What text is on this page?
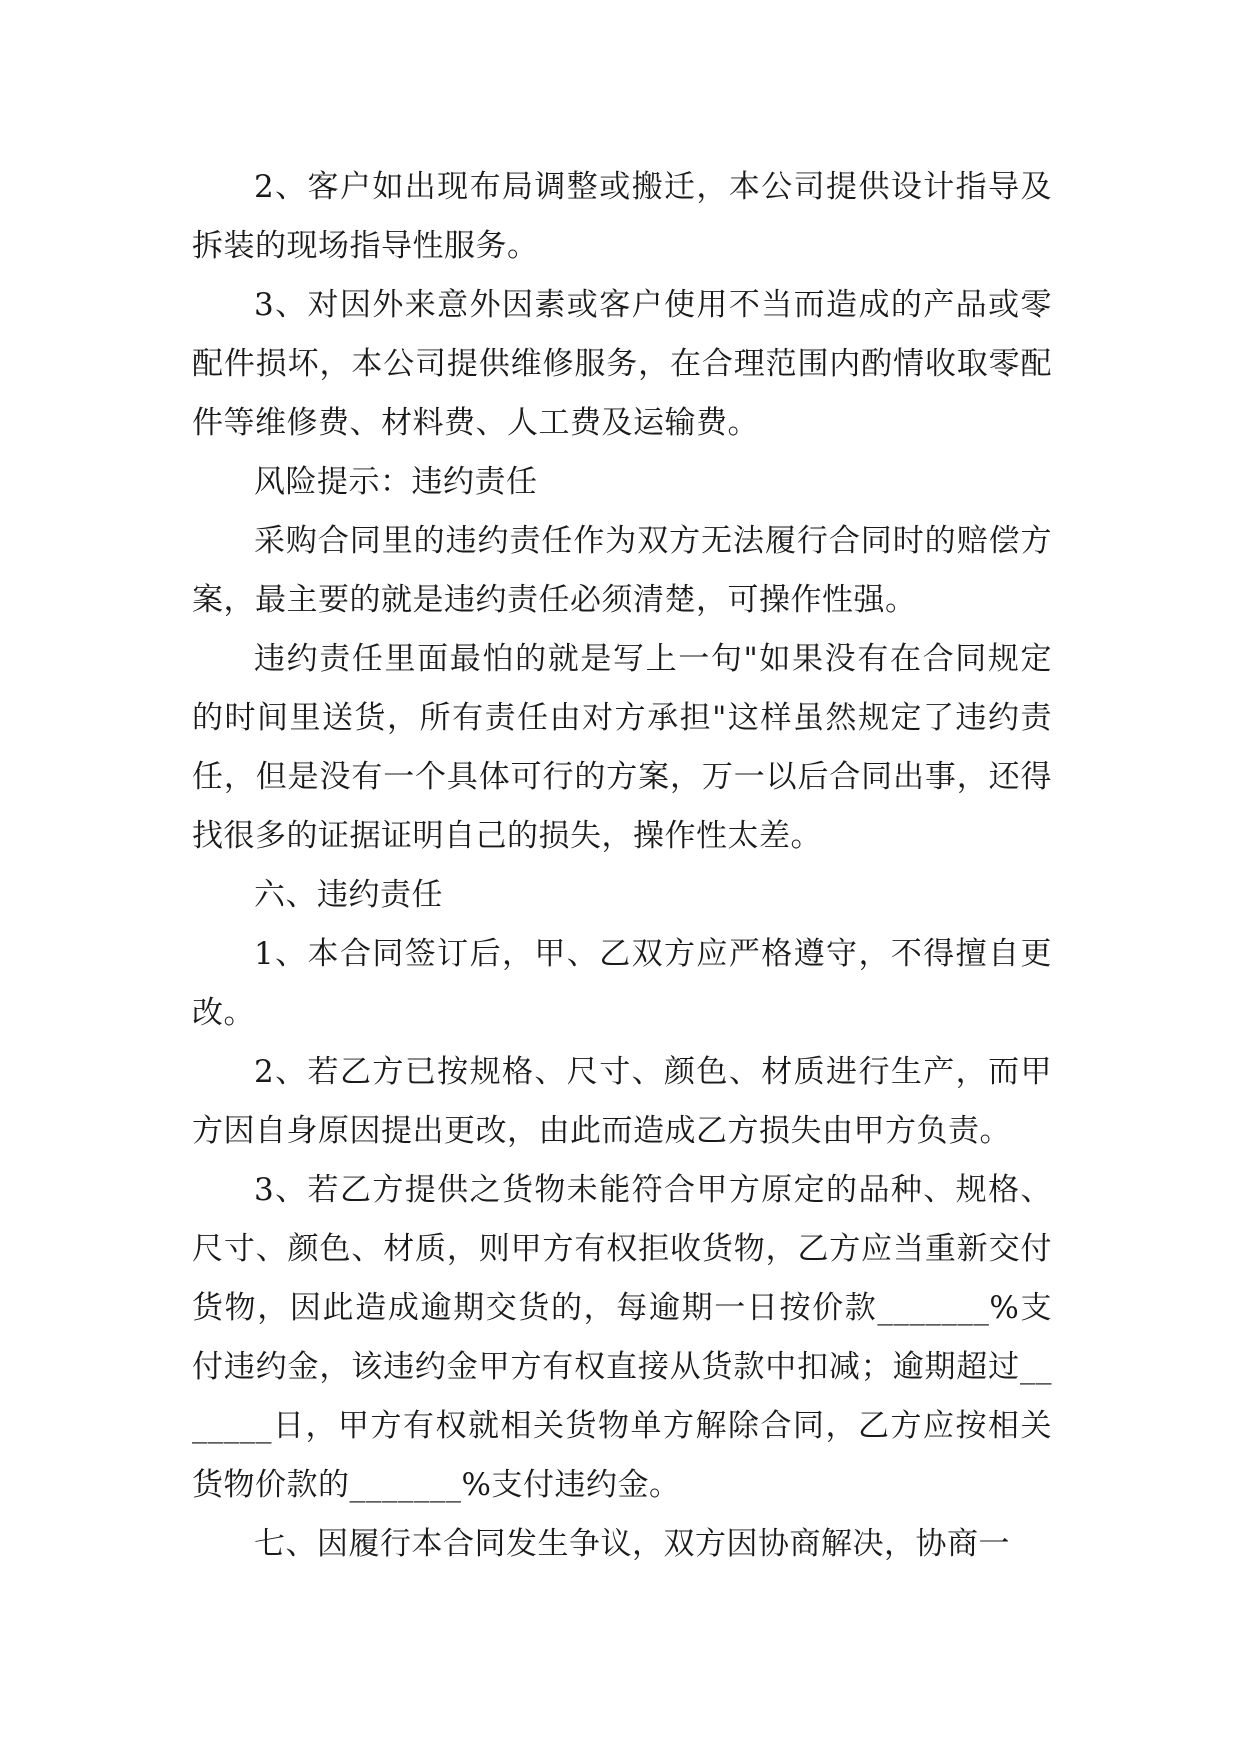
2、客户如出现布局调整或搬迁，本公司提供设计指导及拆装的现场指导性服务。

3、对因外来意外因素或客户使用不当而造成的产品或零配件损坏，本公司提供维修服务，在合理范围内酌情收取零配件等维修费、材料费、人工费及运输费。

风险提示：违约责任

采购合同里的违约责任作为双方无法履行合同时的赔偿方案，最主要的就是违约责任必须清楚，可操作性强。

违约责任里面最怕的就是写上一句"如果没有在合同规定的时间里送货，所有责任由对方承担"这样虽然规定了违约责任，但是没有一个具体可行的方案，万一以后合同出事，还得找很多的证据证明自己的损失，操作性太差。

六、违约责任

1、本合同签订后，甲、乙双方应严格遵守，不得擅自更改。

2、若乙方已按规格、尺寸、颜色、材质进行生产，而甲方因自身原因提出更改，由此而造成乙方损失由甲方负责。

3、若乙方提供之货物未能符合甲方原定的品种、规格、尺寸、颜色、材质，则甲方有权拒收货物，乙方应当重新交付货物，因此造成逾期交货的，每逾期一日按价款_______%支付违约金，该违约金甲方有权直接从货款中扣减；逾期超过_______日，甲方有权就相关货物单方解除合同，乙方应按相关货物价款的_______%支付违约金。

七、因履行本合同发生争议，双方因协商解决，协商一
